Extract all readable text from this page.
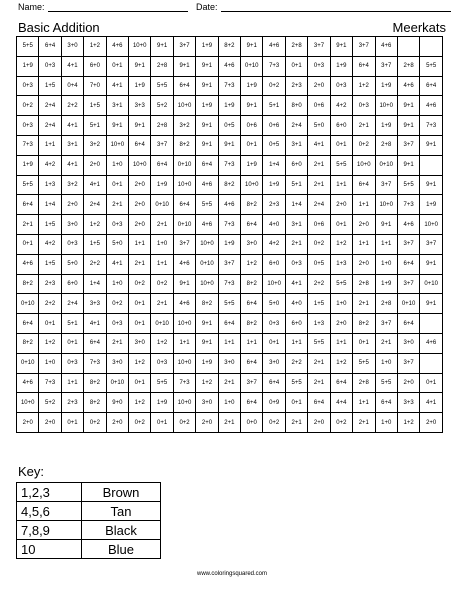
Name:	Date:
Basic Addition	Meerkats
5+5	6+4	3+0	1+2	4+6	10+0	9+1	3+7	1+9	8+2	9+1	4+6	2+8	3+7	9+1	3+7	4+6		
1+9	0+3	4+1	6+0	0+1	9+1	2+8	9+1	9+1	4+6	0+10	7+3	0+1	0+3	1+9	6+4	3+7	2+8	5+5
0+3	1+5	0+4	7+0	4+1	1+9	5+5	6+4	9+1	7+3	1+9	0+2	2+3	2+0	0+3	1+2	1+9	4+6	6+4
0+2	2+4	2+2	1+5	3+1	3+3	5+2	10+0	1+9	1+9	9+1	5+1	8+0	0+6	4+2	0+3	10+0	9+1	4+6
0+3	2+4	4+1	5+1	9+1	9+1	2+8	3+2	9+1	0+5	0+6	0+6	2+4	5+0	6+0	2+1	1+9	9+1	7+3
7+3	1+1	3+1	3+2	10+0	6+4	3+7	8+2	9+1	9+1	0+1	0+5	3+1	4+1	0+1	0+2	2+8	3+7	9+1
1+9	4+2	4+1	2+0	1+0	10+0	6+4	0+10	6+4	7+3	1+9	1+4	6+0	2+1	5+5	10+0	0+10	9+1	
5+5	1+3	3+2	4+1	0+1	2+0	1+9	10+0	4+6	8+2	10+0	1+9	5+1	2+1	1+1	6+4	3+7	5+5	9+1
6+4	1+4	2+0	2+4	2+1	2+0	0+10	6+4	5+5	4+6	8+2	2+3	1+4	2+4	2+0	1+1	10+0	7+3	1+9
2+1	1+5	3+0	1+2	0+3	2+0	2+1	0+10	4+6	7+3	6+4	4+0	3+1	0+6	0+1	2+0	9+1	4+6	10+0
0+1	4+2	0+3	1+5	5+0	1+1	1+0	3+7	10+0	1+9	3+0	4+2	2+1	0+2	1+2	1+1	1+1	3+7	3+7
4+6	1+5	5+0	2+2	4+1	2+1	1+1	4+6	0+10	3+7	1+2	6+0	0+3	0+5	1+3	2+0	1+0	6+4	9+1
8+2	2+3	6+0	1+4	1+0	0+2	0+2	9+1	10+0	7+3	8+2	10+0	4+1	2+2	5+5	2+8	1+9	3+7	0+10
0+10	2+2	2+4	3+3	0+2	0+1	2+1	4+6	8+2	5+5	6+4	5+0	4+0	1+5	1+0	2+1	2+8	0+10	9+1
6+4	0+1	5+1	4+1	0+3	0+1	0+10	10+0	9+1	6+4	8+2	0+3	6+0	1+3	2+0	8+2	3+7	6+4	
8+2	1+2	0+1	6+4	2+1	3+0	1+2	1+1	9+1	1+1	1+1	0+1	1+1	5+5	1+1	0+1	2+1	3+0	4+6
0+10	1+0	0+3	7+3	3+0	1+2	0+3	10+0	1+9	3+0	6+4	3+0	2+2	2+1	1+2	5+5	1+0	3+7	
4+6	7+3	1+1	8+2	0+10	0+1	5+5	7+3	1+2	2+1	3+7	6+4	5+5	2+1	6+4	2+8	5+5	2+0	0+1
10+0	5+2	2+3	8+2	9+0	1+2	1+9	10+0	3+0	1+0	6+4	0+9	0+1	6+4	4+4	1+1	6+4	3+3	4+1
2+0	2+0	0+1	0+2	2+0	0+2	0+1	0+2	2+0	2+1	0+0	0+2	2+1	2+0	0+2	2+1	1+0	1+2	2+0
Key:
1,2,3	Brown
4,5,6	Tan
7,8,9	Black
10	Blue
www.coloringsquared.com
